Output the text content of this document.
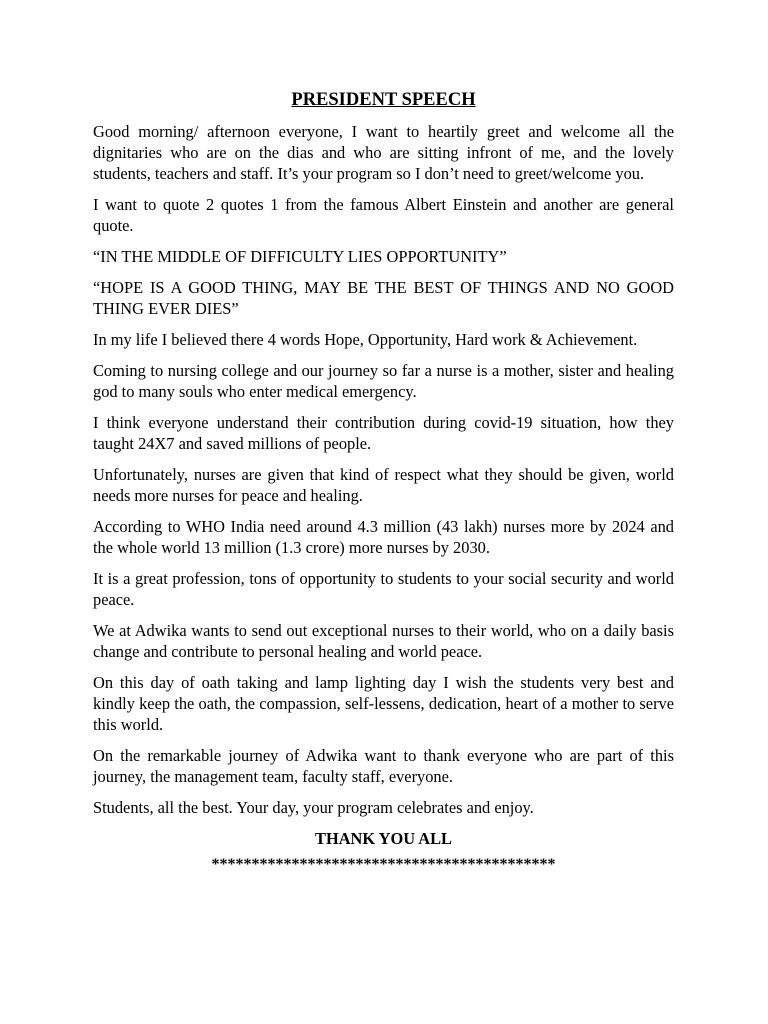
PRESIDENT SPEECH

Good morning/ afternoon everyone, I want to heartily greet and welcome all the dignitaries who are on the dias and who are sitting infront of me, and the lovely students, teachers and staff. It’s your program so I don’t need to greet/welcome you.

I want to quote 2 quotes 1 from the famous Albert Einstein and another are general quote.

“IN THE MIDDLE OF DIFFICULTY LIES OPPORTUNITY”

“HOPE IS A GOOD THING, MAY BE THE BEST OF THINGS AND NO GOOD THING EVER DIES”

In my life I believed there 4 words Hope, Opportunity, Hard work & Achievement.

Coming to nursing college and our journey so far a nurse is a mother, sister and healing god to many souls who enter medical emergency.

I think everyone understand their contribution during covid-19 situation, how they taught 24X7 and saved millions of people.

Unfortunately, nurses are given that kind of respect what they should be given, world needs more nurses for peace and healing.

According to WHO India need around 4.3 million (43 lakh) nurses more by 2024 and the whole world 13 million (1.3 crore) more nurses by 2030.

It is a great profession, tons of opportunity to students to your social security and world peace.

We at Adwika wants to send out exceptional nurses to their world, who on a daily basis change and contribute to personal healing and world peace.

On this day of oath taking and lamp lighting day I wish the students very best and kindly keep the oath, the compassion, self-lessens, dedication, heart of a mother to serve this world.

On the remarkable journey of Adwika want to thank everyone who are part of this journey, the management team, faculty staff, everyone.

Students, all the best. Your day, your program celebrates and enjoy.

THANK YOU ALL
*******************************************
